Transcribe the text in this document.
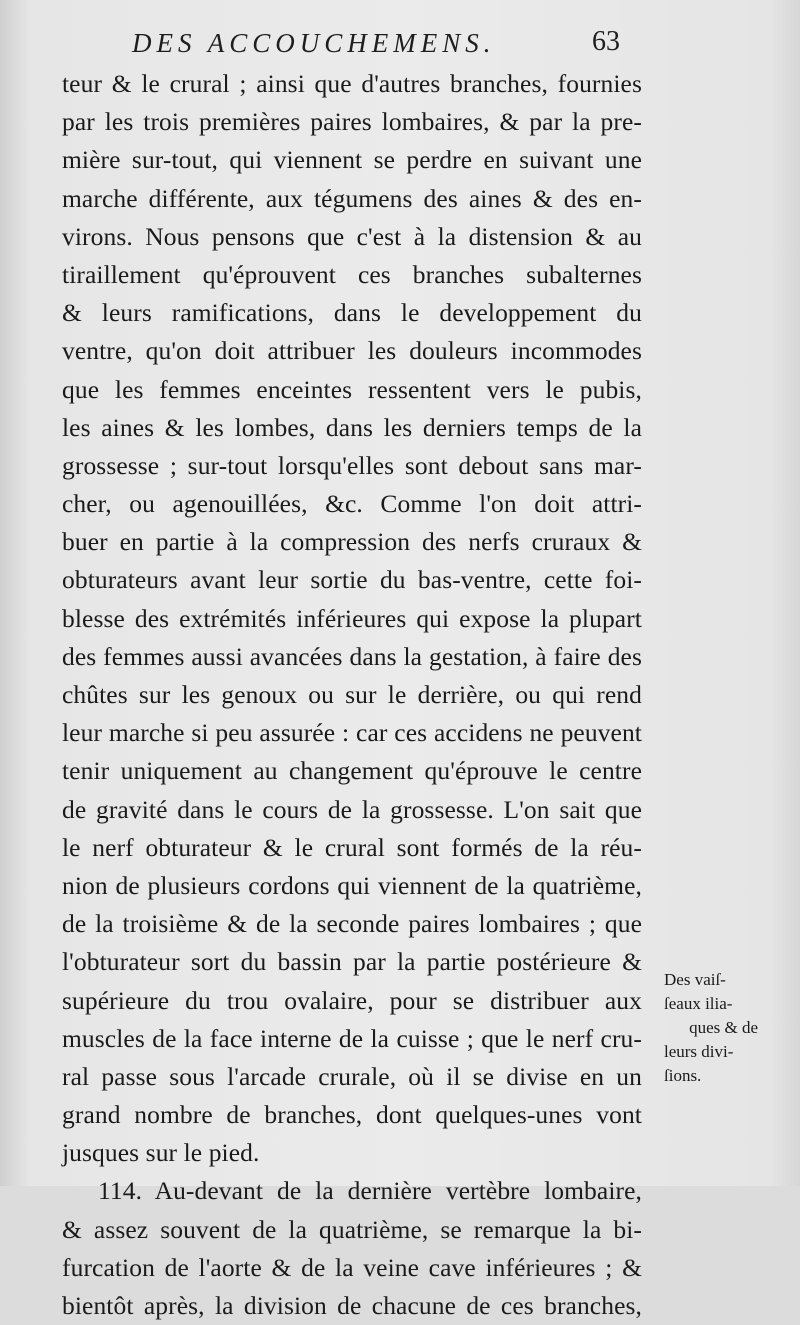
DES ACCOUCHEMENS.	63
teur & le crural ; ainsi que d'autres branches, fournies
par les trois premières paires lombaires, & par la pre-
mière sur-tout, qui viennent se perdre en suivant une
marche différente, aux tégumens des aines & des en-
virons. Nous pensons que c'est à la distension & au
tiraillement qu'éprouvent ces branches subalternes
& leurs ramifications, dans le developpement du
ventre, qu'on doit attribuer les douleurs incommodes
que les femmes enceintes ressentent vers le pubis,
les aines & les lombes, dans les derniers temps de la
grossesse ; sur-tout lorsqu'elles sont debout sans mar-
cher, ou agenouillées, &c. Comme l'on doit attri-
buer en partie à la compression des nerfs cruraux &
obturateurs avant leur sortie du bas-ventre, cette foi-
blesse des extrémités inférieures qui expose la plupart
des femmes aussi avancées dans la gestation, à faire des
chûtes sur les genoux ou sur le derrière, ou qui rend
leur marche si peu assurée : car ces accidens ne peuvent
tenir uniquement au changement qu'éprouve le centre
de gravité dans le cours de la grossesse. L'on sait que
le nerf obturateur & le crural sont formés de la réu-
nion de plusieurs cordons qui viennent de la quatrième,
de la troisième & de la seconde paires lombaires ; que
l'obturateur sort du bassin par la partie postérieure &
supérieure du trou ovalaire, pour se distribuer aux
muscles de la face interne de la cuisse ; que le nerf cru-
ral passe sous l'arcade crurale, où il se divise en un
grand nombre de branches, dont quelques-unes vont
jusques sur le pied.
114. Au-devant de la dernière vertèbre lombaire,
& assez souvent de la quatrième, se remarque la bi-
furcation de l'aorte & de la veine cave inférieures ; &
bientôt après, la division de chacune de ces branches,
Des vaiſ-
ſeaux ilia-
ques & de
leurs divi-
ſions.
